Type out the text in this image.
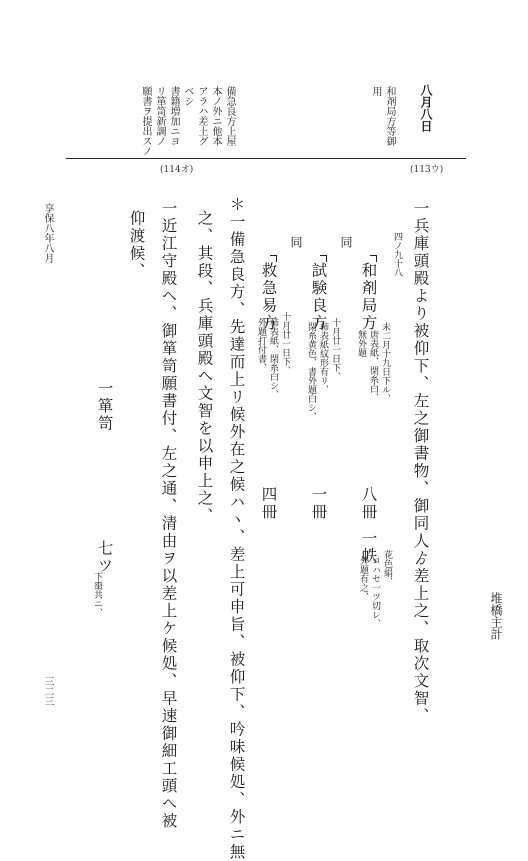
堆橋主計
三二三
享保八年八月
八月八日
和剤局方等御
用
備急良方上屋
本ノ外ニ他本
アラハ差上グ
ベシ
書籍増加ニヨ
リ箪笥新調ノ
願書ヲ提出スノ
(114オ)	(113ウ)
一兵庫頭殿より被仰下、左之御書物、御同人ゟ差上之、取次文智、
四ノ九十八
和剤局方
未二月十九日下ル、
唐表紙、閉糸白、
無外題
八冊
一帙
花色絹、
コハセ一ツ切レ、
外題有之、
同
試験良方
十月廿一日下、
柿表紙紋形有リ、
閉糸黄色、書外題白シ、
一冊
同
救急易方
十月廿一日下、
柿表紙、閉糸白シ、
外題打付書、
四冊
＊一備急良方、先達而上リ候外在之候ハヽ、差上可申旨、被仰下、吟味候処、外ニ無
之、其段、兵庫頭殿へ文智を以申上之、
一近江守殿へ、御箪笥願書付、左之通、清由ヲ以差上ケ候処、早速御細工頭へ被
仰渡候、
一箪笥
七ツ
下棗共ニ、
